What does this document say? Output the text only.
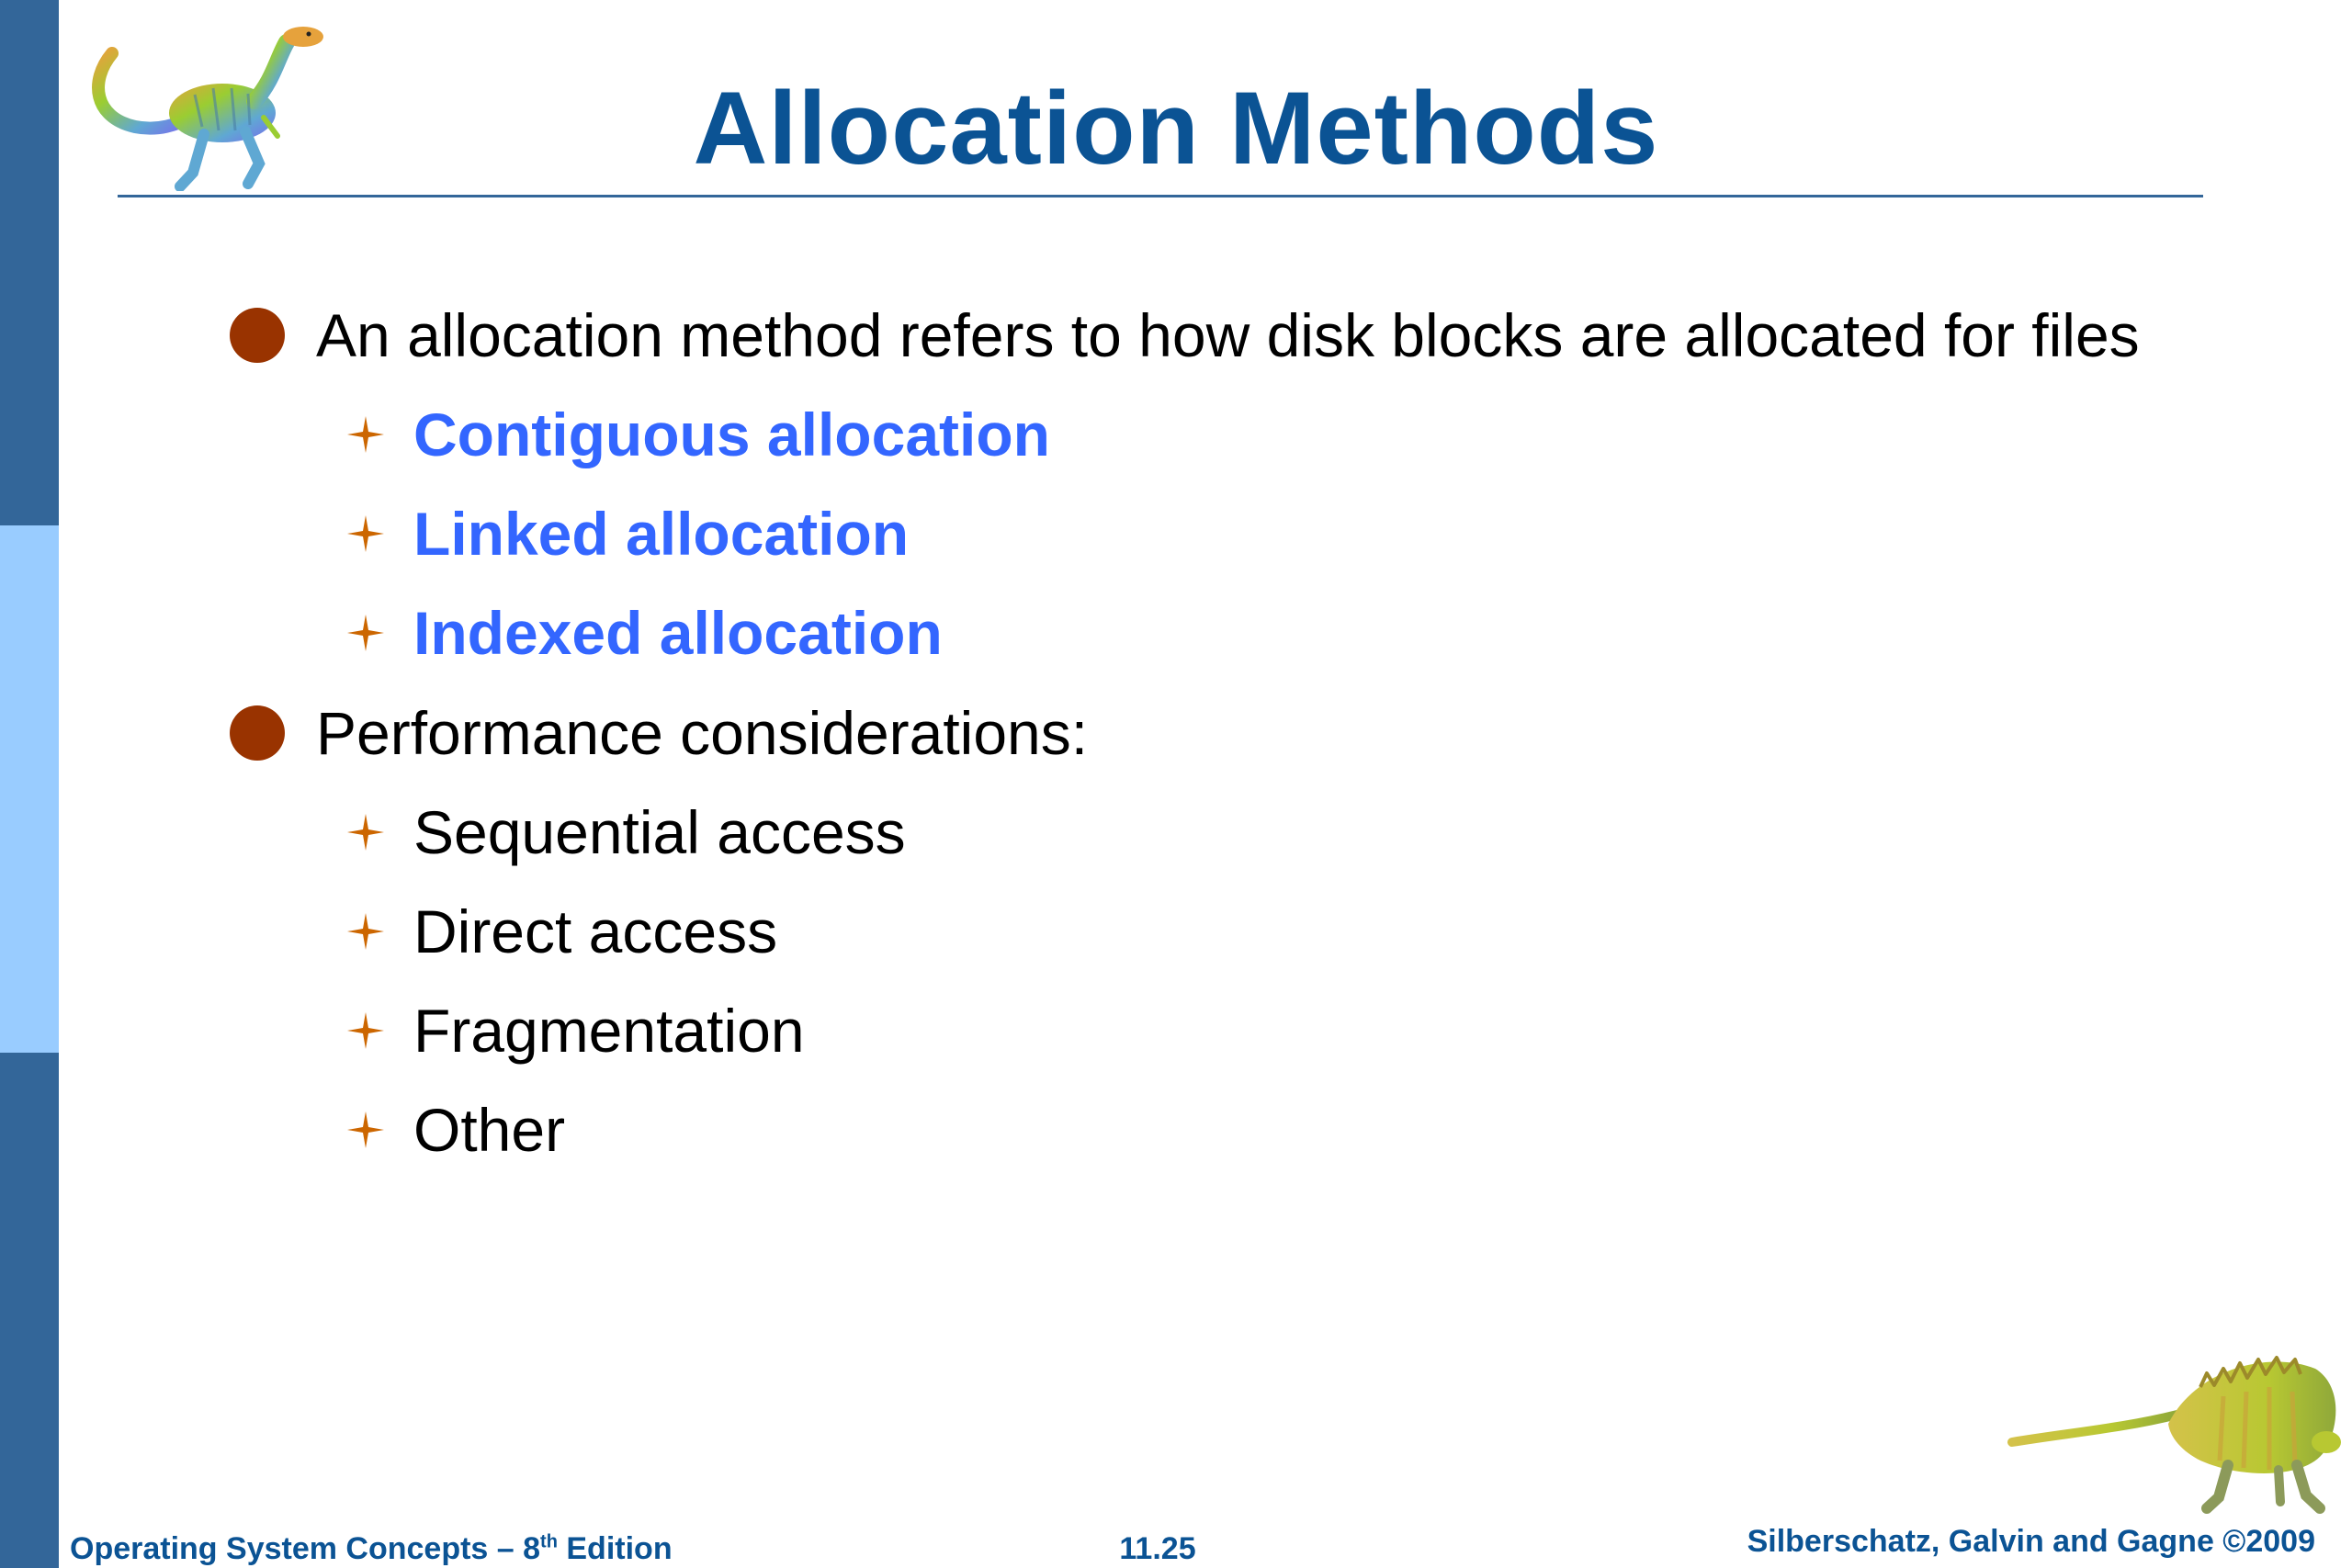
Allocation Methods
An allocation method refers to how disk blocks are allocated for files
Contiguous allocation
Linked allocation
Indexed allocation
Performance considerations:
Sequential access
Direct access
Fragmentation
Other
Operating System Concepts – 8th Edition	11.25	Silberschatz, Galvin and Gagne ©2009
